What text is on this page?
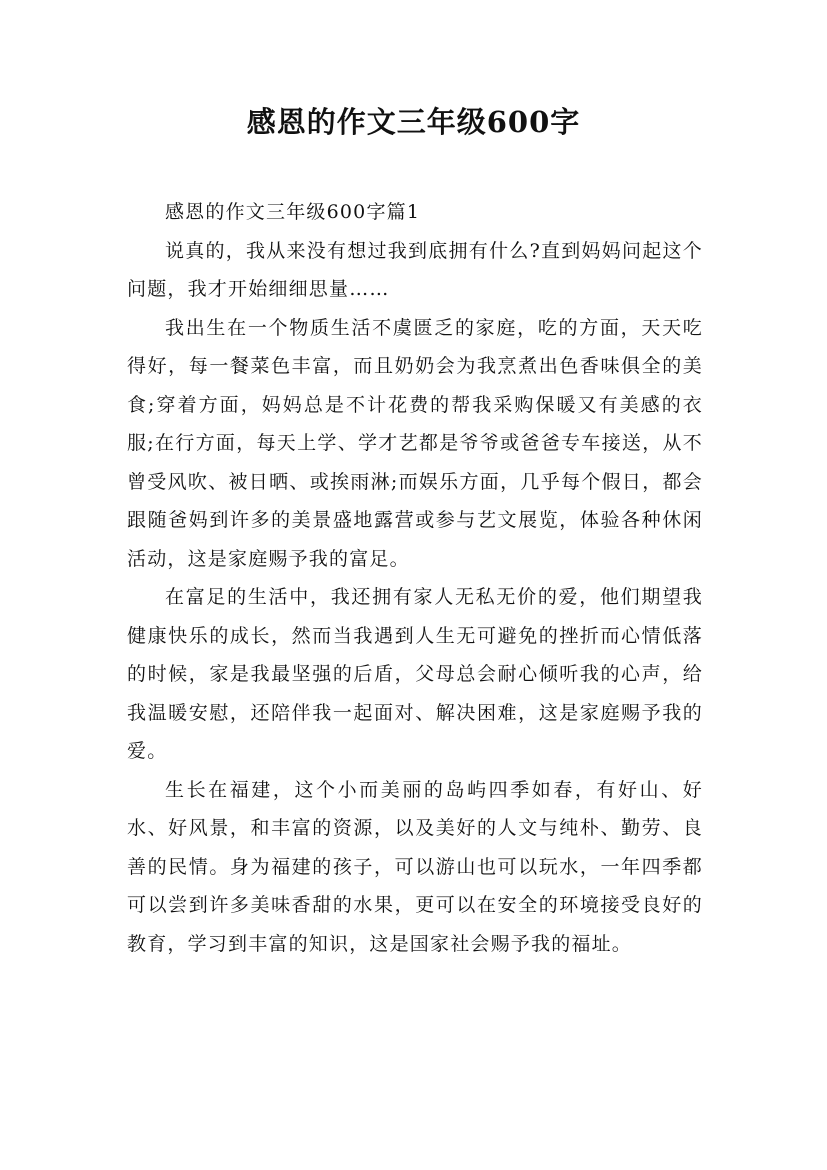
感恩的作文三年级600字

感恩的作文三年级600字篇1

说真的，我从来没有想过我到底拥有什么?直到妈妈问起这个问题，我才开始细细思量……

我出生在一个物质生活不虞匮乏的家庭，吃的方面，天天吃得好，每一餐菜色丰富，而且奶奶会为我烹煮出色香味俱全的美食;穿着方面，妈妈总是不计花费的帮我采购保暖又有美感的衣服;在行方面，每天上学、学才艺都是爷爷或爸爸专车接送，从不曾受风吹、被日晒、或挨雨淋;而娱乐方面，几乎每个假日，都会跟随爸妈到许多的美景盛地露营或参与艺文展览，体验各种休闲活动，这是家庭赐予我的富足。

在富足的生活中，我还拥有家人无私无价的爱，他们期望我健康快乐的成长，然而当我遇到人生无可避免的挫折而心情低落的时候，家是我最坚强的后盾，父母总会耐心倾听我的心声，给我温暖安慰，还陪伴我一起面对、解决困难，这是家庭赐予我的爱。

生长在福建，这个小而美丽的岛屿四季如春，有好山、好水、好风景，和丰富的资源，以及美好的人文与纯朴、勤劳、良善的民情。身为福建的孩子，可以游山也可以玩水，一年四季都可以尝到许多美味香甜的水果，更可以在安全的环境接受良好的教育，学习到丰富的知识，这是国家社会赐予我的福址。
